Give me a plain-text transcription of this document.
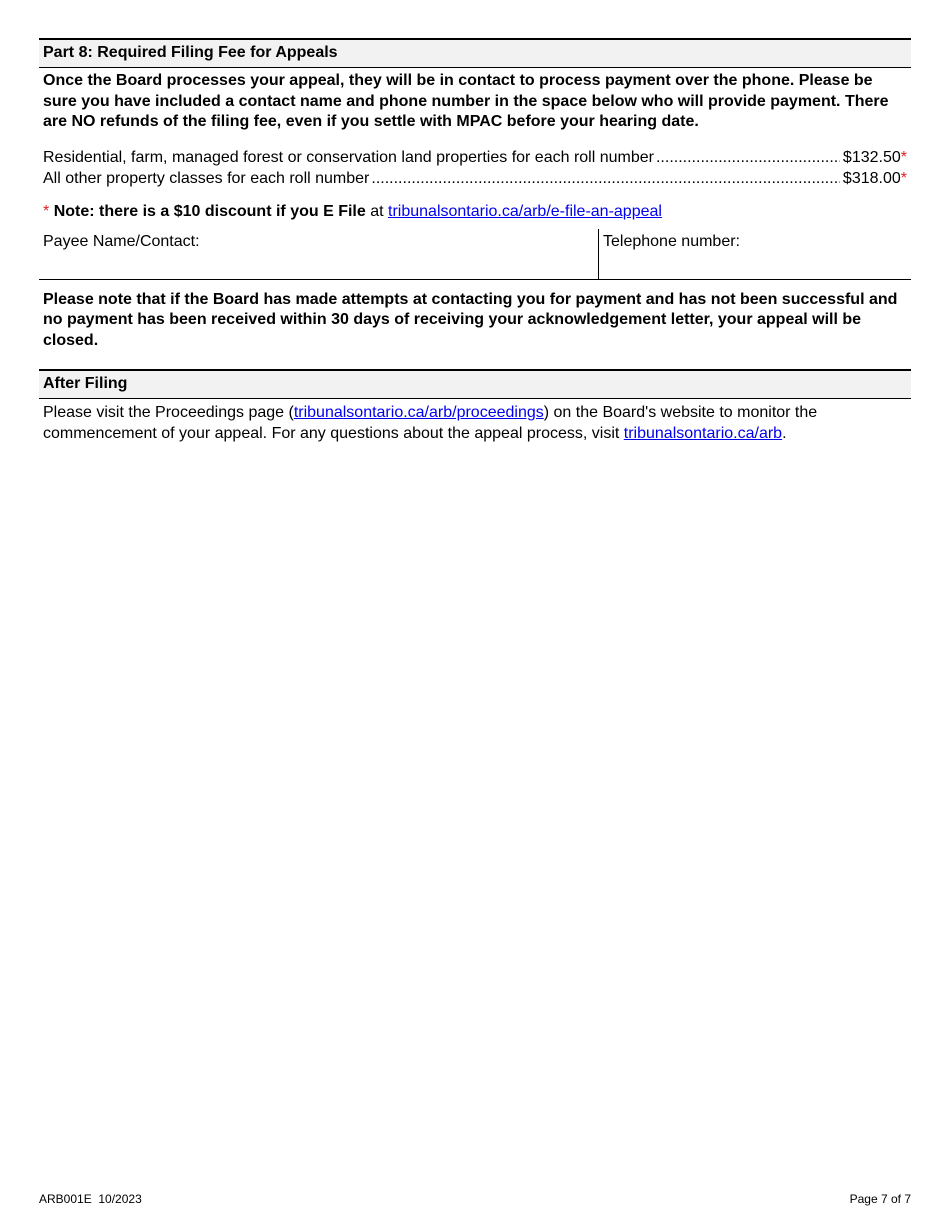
Part 8: Required Filing Fee for Appeals

Once the Board processes your appeal, they will be in contact to process payment over the phone. Please be sure you have included a contact name and phone number in the space below who will provide payment. There are NO refunds of the filing fee, even if you settle with MPAC before your hearing date.

Residential, farm, managed forest or conservation land properties for each roll number .....	$132.50 *
All other property classes for each roll number .....	$318.00 *
* Note: there is a $10 discount if you E File at tribunalsontario.ca/arb/e-file-an-appeal
Payee Name/Contact:	Telephone number:

Please note that if the Board has made attempts at contacting you for payment and has not been successful and no payment has been received within 30 days of receiving your acknowledgement letter, your appeal will be closed.

After Filing

Please visit the Proceedings page (tribunalsontario.ca/arb/proceedings) on the Board's website to monitor the commencement of your appeal. For any questions about the appeal process, visit tribunalsontario.ca/arb.

ARB001E  10/2023	Page 7 of 7
